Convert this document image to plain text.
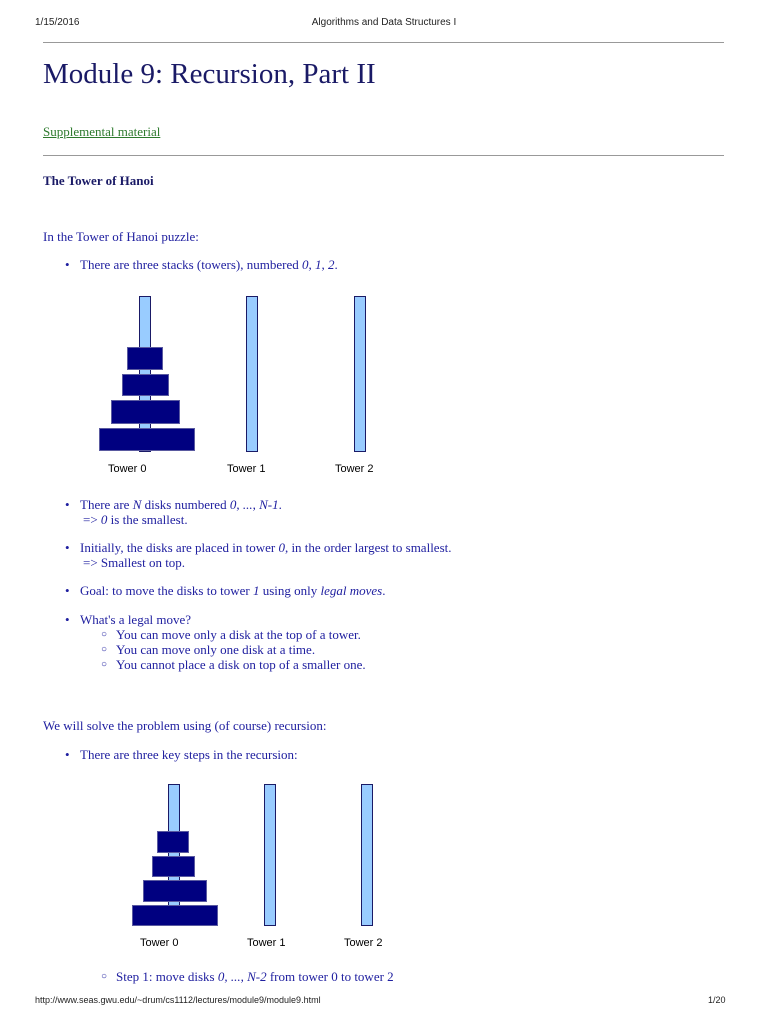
1/15/2016	Algorithms and Data Structures I
Module 9: Recursion, Part II
Supplemental material
The Tower of Hanoi
In the Tower of Hanoi puzzle:
• There are three stacks (towers), numbered 0, 1, 2.
Tower 0	Tower 1	Tower 2
• There are N disks numbered 0, ..., N-1.
=> 0 is the smallest.
• Initially, the disks are placed in tower 0, in the order largest to smallest.
=> Smallest on top.
• Goal: to move the disks to tower 1 using only legal moves.
• What's a legal move?
○ You can move only a disk at the top of a tower.
○ You can move only one disk at a time.
○ You cannot place a disk on top of a smaller one.
We will solve the problem using (of course) recursion:
• There are three key steps in the recursion:
Tower 0	Tower 1	Tower 2
○ Step 1: move disks 0, ..., N-2 from tower 0 to tower 2
http://www.seas.gwu.edu/~drum/cs1112/lectures/module9/module9.html	1/20
